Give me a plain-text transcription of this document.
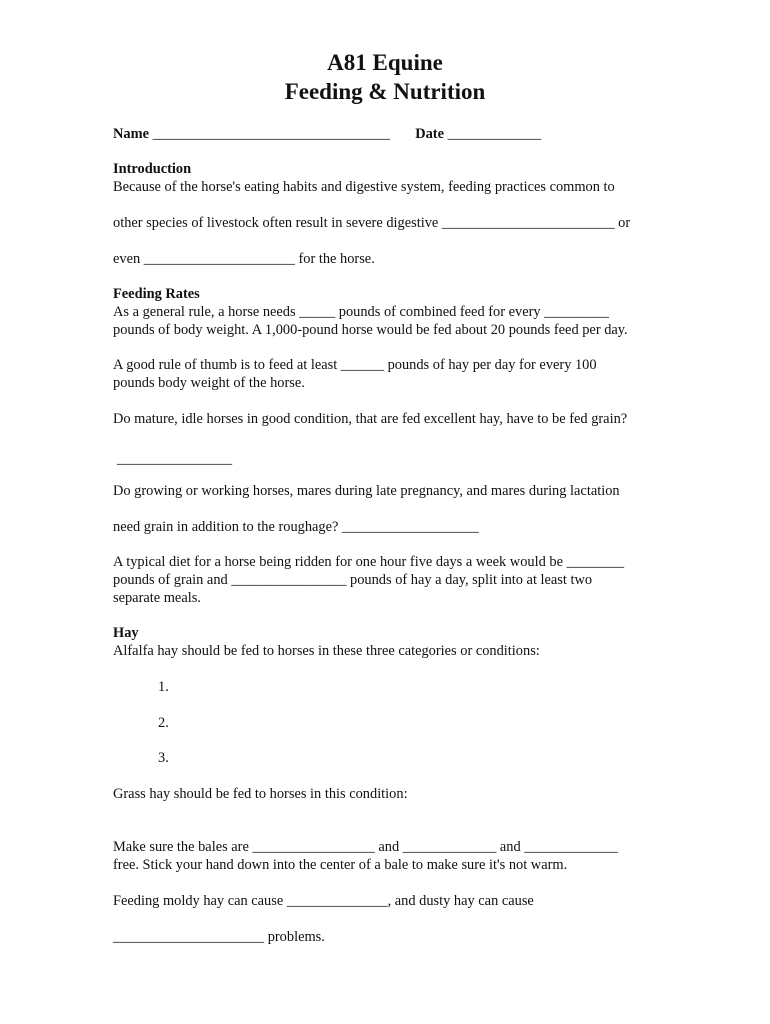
A81 Equine
Feeding & Nutrition
Name _________________________________ Date _____________
Introduction
Because of the horse's eating habits and digestive system, feeding practices common to
other species of livestock often result in severe digestive ________________________ or
even _____________________ for the horse.
Feeding Rates
As a general rule, a horse needs _____ pounds of combined feed for every _________
pounds of body weight. A 1,000-pound horse would be fed about 20 pounds feed per day.
A good rule of thumb is to feed at least ______ pounds of hay per day for every 100
pounds body weight of the horse.
Do mature, idle horses in good condition, that are fed excellent hay, have to be fed grain?
________________
Do growing or working horses, mares during late pregnancy, and mares during lactation
need grain in addition to the roughage? ___________________
A typical diet for a horse being ridden for one hour five days a week would be ________
pounds of grain and ________________ pounds of hay a day, split into at least two
separate meals.
Hay
Alfalfa hay should be fed to horses in these three categories or conditions:
1.
2.
3.
Grass hay should be fed to horses in this condition:
Make sure the bales are _________________ and _____________ and _____________
free. Stick your hand down into the center of a bale to make sure it's not warm.
Feeding moldy hay can cause ______________, and dusty hay can cause
_____________________ problems.
